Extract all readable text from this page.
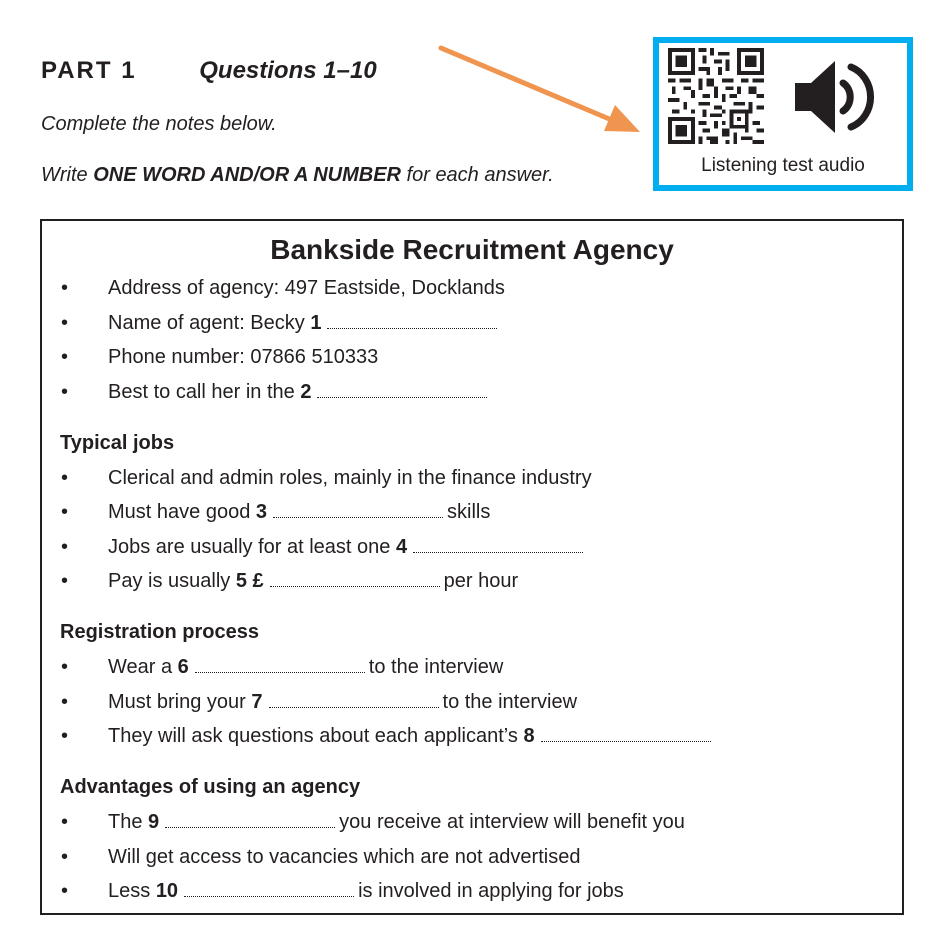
PART 1	Questions 1–10
Complete the notes below.
Write ONE WORD AND/OR A NUMBER for each answer.	Listening test audio
Bankside Recruitment Agency
• Address of agency: 497 Eastside, Docklands
• Name of agent: Becky 1
• Phone number: 07866 510333
• Best to call her in the 2
Typical jobs
• Clerical and admin roles, mainly in the finance industry
• Must have good 3	skills
• Jobs are usually for at least one 4
• Pay is usually 5 £	per hour
Registration process
• Wear a 6	to the interview
• Must bring your 7	to the interview
• They will ask questions about each applicant’s 8
Advantages of using an agency
• The 9	you receive at interview will benefit you
• Will get access to vacancies which are not advertised
• Less 10	is involved in applying for jobs
